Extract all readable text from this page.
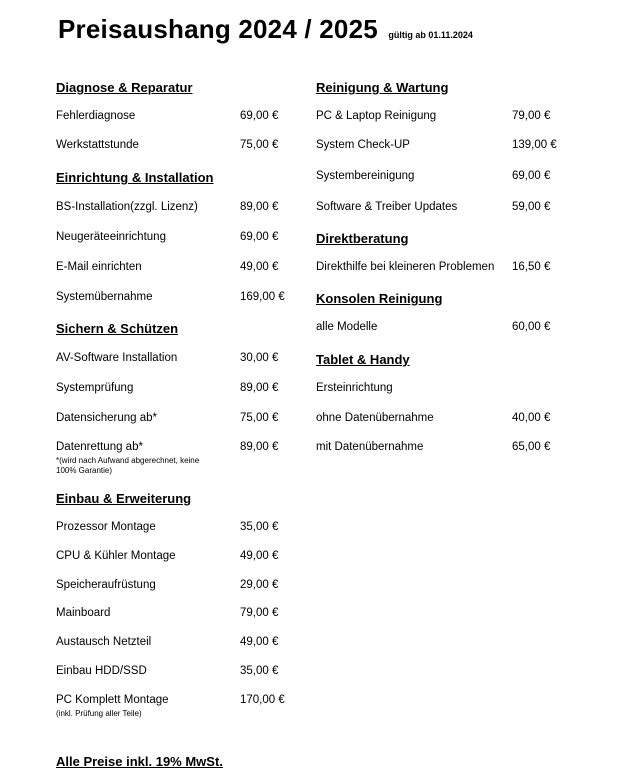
Preisaushang 2024 / 2025 gültig ab 01.11.2024
Diagnose & Reparatur
Fehlerdiagnose	69,00 €
Werkstattstunde	75,00 €
Einrichtung & Installation
BS-Installation(zzgl. Lizenz)	89,00 €
Neugeräteeinrichtung	69,00 €
E-Mail einrichten	49,00 €
Systemübernahme	169,00 €
Sichern & Schützen
AV-Software Installation	30,00 €
Systemprüfung	89,00 €
Datensicherung ab*	75,00 €
Datenrettung ab*	89,00 €
*(wird nach Aufwand abgerechnet, keine
100% Garantie)
Einbau & Erweiterung
Prozessor Montage	35,00 €
CPU & Kühler Montage	49,00 €
Speicheraufrüstung	29,00 €
Mainboard	79,00 €
Austausch Netzteil	49,00 €
Einbau HDD/SSD	35,00 €
PC Komplett Montage	170,00 €
(inkl. Prüfung aller Teile)
Reinigung & Wartung
PC & Laptop Reinigung	79,00 €
System Check-UP	139,00 €
Systembereinigung	69,00 €
Software & Treiber Updates	59,00 €
Direktberatung
Direkthilfe bei kleineren Problemen 16,50 €
Konsolen Reinigung
alle Modelle	60,00 €
Tablet & Handy
Ersteinrichtung
ohne Datenübernahme	40,00 €
mit Datenübernahme	65,00 €
Alle Preise inkl. 19% MwSt.
